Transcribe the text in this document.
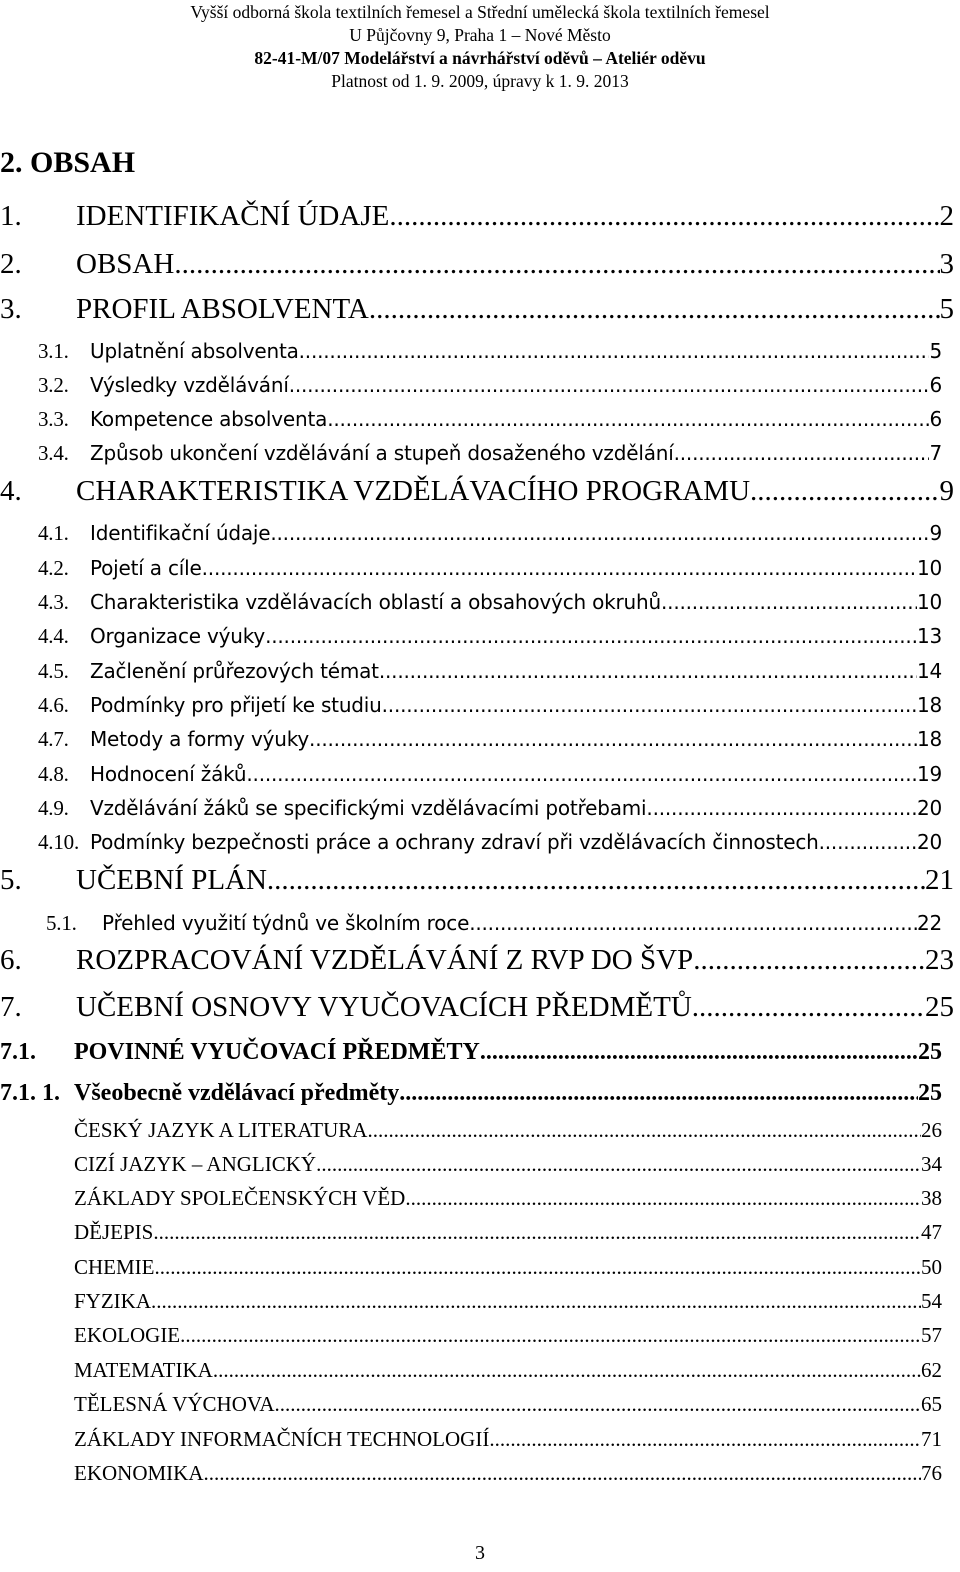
Vyšší odborná škola textilních řemesel a Střední umělecká škola textilních řemesel
U Půjčovny 9, Praha 1 – Nové Město
82-41-M/07 Modelářství a návrhářství oděvů – Ateliér oděvu
Platnost od 1. 9. 2009, úpravy k 1. 9. 2013
2. OBSAH
1.	IDENTIFIKAČNÍ ÚDAJE .....	2
2.	OBSAH .....	3
3.	PROFIL ABSOLVENTA .....	5
3.1.	Uplatnění absolventa .....	5
3.2.	Výsledky vzdělávání .....	6
3.3.	Kompetence absolventa .....	6
3.4.	Způsob ukončení vzdělávání a stupeň dosaženého vzdělání .....	7
4.	CHARAKTERISTIKA VZDĚLÁVACÍHO PROGRAMU .....	9
4.1.	Identifikační údaje .....	9
4.2.	Pojetí a cíle .....	10
4.3.	Charakteristika vzdělávacích oblastí a obsahových okruhů .....	10
4.4.	Organizace výuky .....	13
4.5.	Začlenění průřezových témat .....	14
4.6.	Podmínky pro přijetí ke studiu .....	18
4.7.	Metody a formy výuky .....	18
4.8.	Hodnocení žáků .....	19
4.9.	Vzdělávání žáků se specifickými vzdělávacími potřebami .....	20
4.10. Podmínky bezpečnosti práce a ochrany zdraví při vzdělávacích činnostech .....	20
5.	UČEBNÍ PLÁN .....	21
5.1.	Přehled využití týdnů ve školním roce .....	22
6.	ROZPRACOVÁNÍ VZDĚLÁVÁNÍ Z RVP DO ŠVP .....	23
7.	UČEBNÍ OSNOVY VYUČOVACÍCH PŘEDMĚTŮ .....	25
7.1.	POVINNÉ VYUČOVACÍ PŘEDMĚTY .....	25
7.1. 1. Všeobecně vzdělávací předměty .....	25
ČESKÝ JAZYK A LITERATURA .....	26
CIZÍ JAZYK – ANGLICKÝ .....	34
ZÁKLADY SPOLEČENSKÝCH VĚD .....	38
DĚJEPIS .....	47
CHEMIE .....	50
FYZIKA .....	54
EKOLOGIE .....	57
MATEMATIKA .....	62
TĚLESNÁ VÝCHOVA .....	65
ZÁKLADY INFORMAČNÍCH TECHNOLOGIÍ .....	71
EKONOMIKA .....	76
3
